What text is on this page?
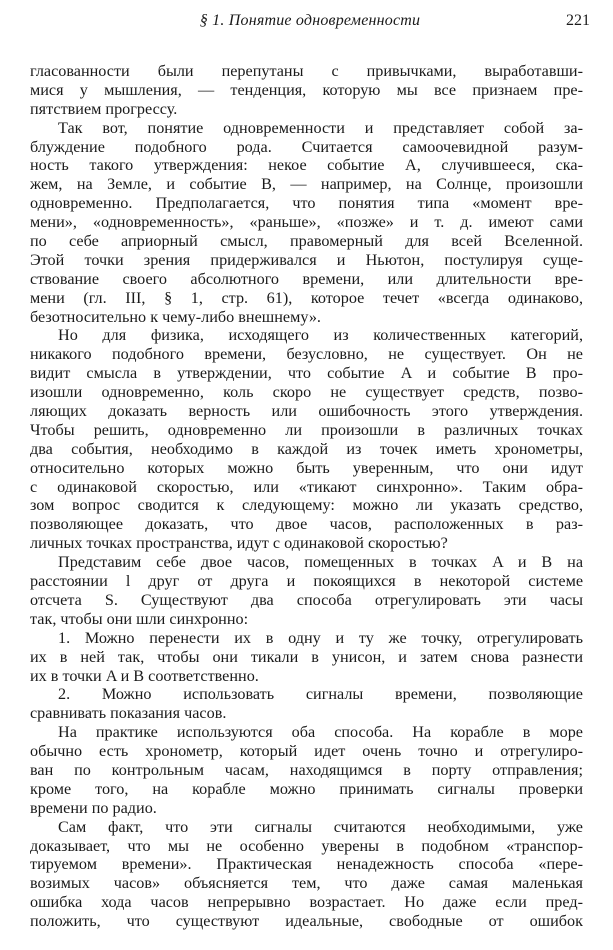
§ 1. Понятие одновременности	221
гласованности были перепутаны с привычками, выработавши-
мися у мышления, — тенденция, которую мы все признаем пре-
пятствием прогрессу.
Так вот, понятие одновременности и представляет собой за-
блуждение подобного рода. Считается самоочевидной разум-
ность такого утверждения: некое событие A, случившееся, ска-
жем, на Земле, и событие B, — например, на Солнце, произошли
одновременно. Предполагается, что понятия типа «момент вре-
мени», «одновременность», «раньше», «позже» и т. д. имеют сами
по себе априорный смысл, правомерный для всей Вселенной.
Этой точки зрения придерживался и Ньютон, постулируя суще-
ствование своего абсолютного времени, или длительности вре-
мени (гл. III, § 1, стр. 61), которое течет «всегда одинаково,
безотносительно к чему-либо внешнему».
Но для физика, исходящего из количественных категорий,
никакого подобного времени, безусловно, не существует. Он не
видит смысла в утверждении, что событие A и событие B про-
изошли одновременно, коль скоро не существует средств, позво-
ляющих доказать верность или ошибочность этого утверждения.
Чтобы решить, одновременно ли произошли в различных точках
два события, необходимо в каждой из точек иметь хронометры,
относительно которых можно быть уверенным, что они идут
с одинаковой скоростью, или «тикают синхронно». Таким обра-
зом вопрос сводится к следующему: можно ли указать средство,
позволяющее доказать, что двое часов, расположенных в раз-
личных точках пространства, идут с одинаковой скоростью?
Представим себе двое часов, помещенных в точках A и B на
расстоянии l друг от друга и покоящихся в некоторой системе
отсчета S. Существуют два способа отрегулировать эти часы
так, чтобы они шли синхронно:
1. Можно перенести их в одну и ту же точку, отрегулировать
их в ней так, чтобы они тикали в унисон, и затем снова разнести
их в точки A и B соответственно.
2. Можно использовать сигналы времени, позволяющие
сравнивать показания часов.
На практике используются оба способа. На корабле в море
обычно есть хронометр, который идет очень точно и отрегулиро-
ван по контрольным часам, находящимся в порту отправления;
кроме того, на корабле можно принимать сигналы проверки
времени по радио.
Сам факт, что эти сигналы считаются необходимыми, уже
доказывает, что мы не особенно уверены в подобном «транспор-
тируемом времени». Практическая ненадежность способа «пере-
возимых часов» объясняется тем, что даже самая маленькая
ошибка хода часов непрерывно возрастает. Но даже если пред-
положить, что существуют идеальные, свободные от ошибок
